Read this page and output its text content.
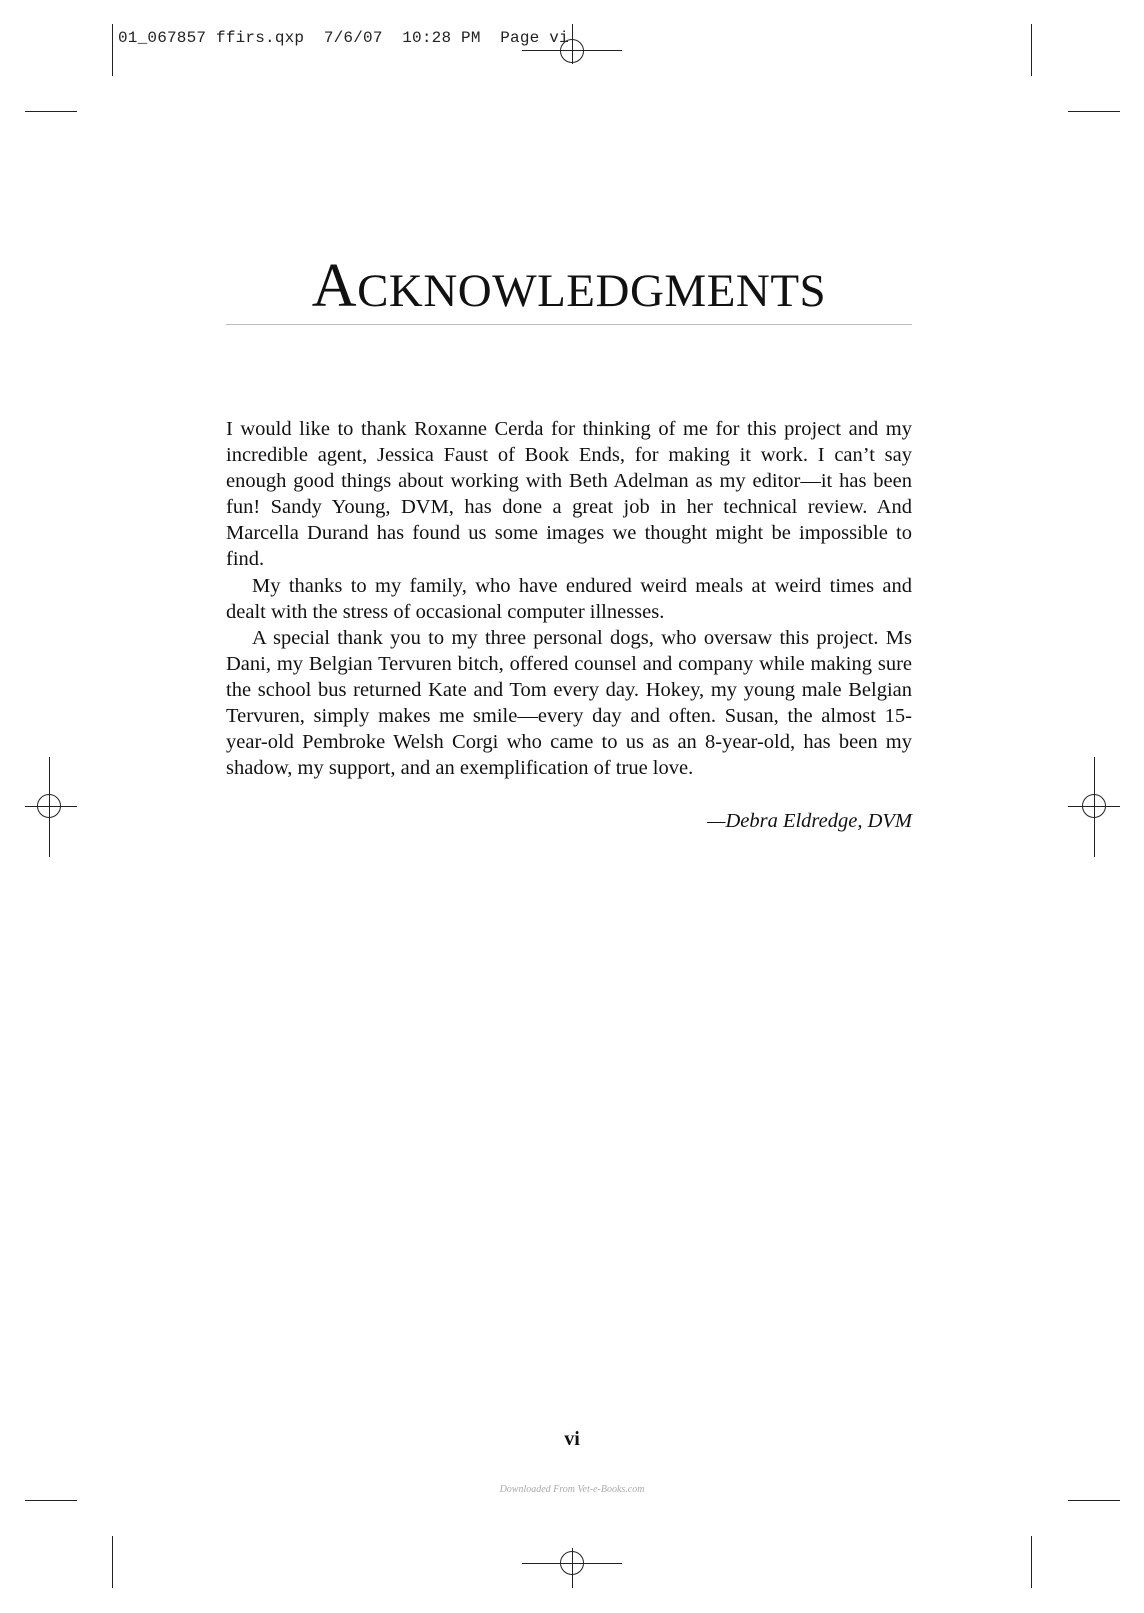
01_067857 ffirs.qxp  7/6/07  10:28 PM  Page vi
ACKNOWLEDGMENTS

I would like to thank Roxanne Cerda for thinking of me for this project and my incredible agent, Jessica Faust of Book Ends, for making it work. I can’t say enough good things about working with Beth Adelman as my editor—it has been fun! Sandy Young, DVM, has done a great job in her technical review. And Marcella Durand has found us some images we thought might be impossible to find.

My thanks to my family, who have endured weird meals at weird times and dealt with the stress of occasional computer illnesses.

A special thank you to my three personal dogs, who oversaw this project. Ms Dani, my Belgian Tervuren bitch, offered counsel and company while making sure the school bus returned Kate and Tom every day. Hokey, my young male Belgian Tervuren, simply makes me smile—every day and often. Susan, the almost 15-year-old Pembroke Welsh Corgi who came to us as an 8-year-old, has been my shadow, my support, and an exemplification of true love.

—Debra Eldredge, DVM
vi
Downloaded From Vet-e-Books.com
